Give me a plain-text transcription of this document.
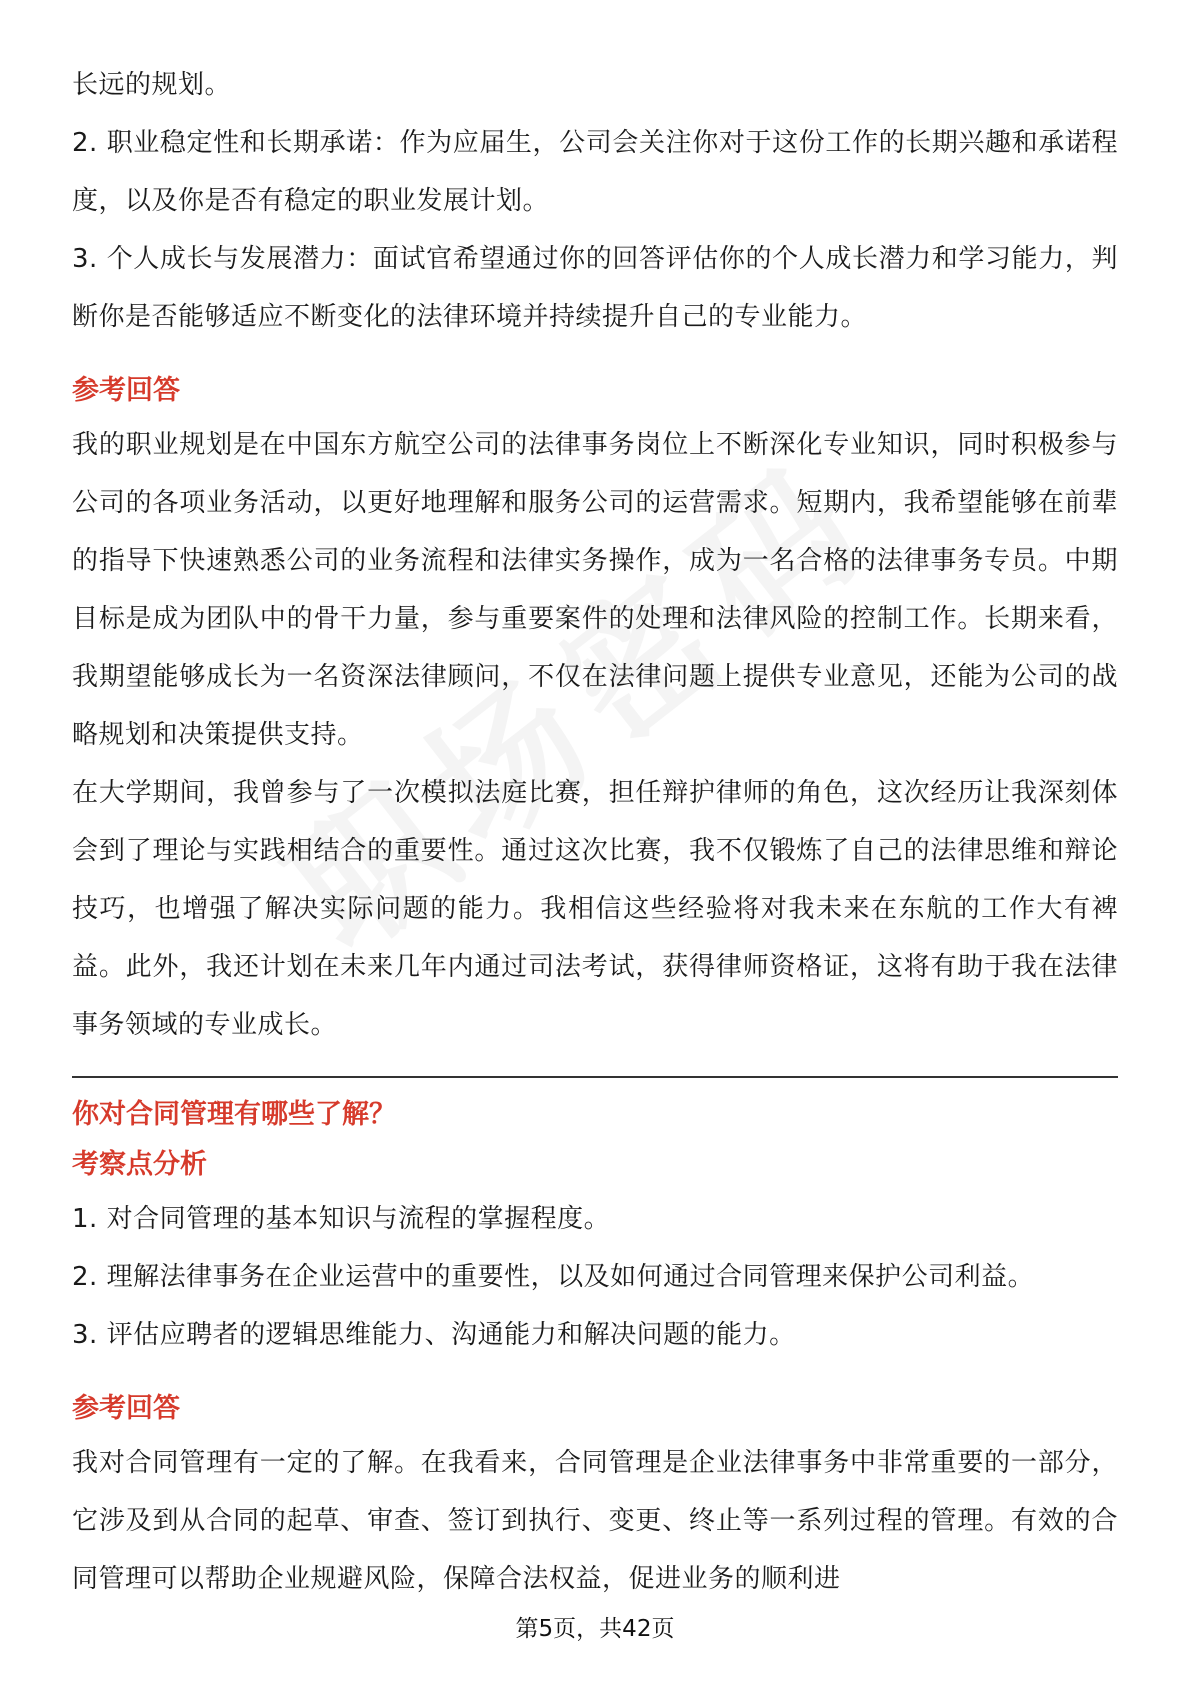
长远的规划。

2. 职业稳定性和长期承诺：作为应届生，公司会关注你对于这份工作的长期兴趣和承诺程度，以及你是否有稳定的职业发展计划。

3. 个人成长与发展潜力：面试官希望通过你的回答评估你的个人成长潜力和学习能力，判断你是否能够适应不断变化的法律环境并持续提升自己的专业能力。

参考回答

我的职业规划是在中国东方航空公司的法律事务岗位上不断深化专业知识，同时积极参与公司的各项业务活动，以更好地理解和服务公司的运营需求。短期内，我希望能够在前辈的指导下快速熟悉公司的业务流程和法律实务操作，成为一名合格的法律事务专员。中期目标是成为团队中的骨干力量，参与重要案件的处理和法律风险的控制工作。长期来看，我期望能够成长为一名资深法律顾问，不仅在法律问题上提供专业意见，还能为公司的战略规划和决策提供支持。

在大学期间，我曾参与了一次模拟法庭比赛，担任辩护律师的角色，这次经历让我深刻体会到了理论与实践相结合的重要性。通过这次比赛，我不仅锻炼了自己的法律思维和辩论技巧，也增强了解决实际问题的能力。我相信这些经验将对我未来在东航的工作大有裨益。此外，我还计划在未来几年内通过司法考试，获得律师资格证，这将有助于我在法律事务领域的专业成长。

你对合同管理有哪些了解？

考察点分析

1. 对合同管理的基本知识与流程的掌握程度。

2. 理解法律事务在企业运营中的重要性，以及如何通过合同管理来保护公司利益。

3. 评估应聘者的逻辑思维能力、沟通能力和解决问题的能力。

参考回答

我对合同管理有一定的了解。在我看来，合同管理是企业法律事务中非常重要的一部分，它涉及到从合同的起草、审查、签订到执行、变更、终止等一系列过程的管理。有效的合同管理可以帮助企业规避风险，保障合法权益，促进业务的顺利进

第5页，共42页
